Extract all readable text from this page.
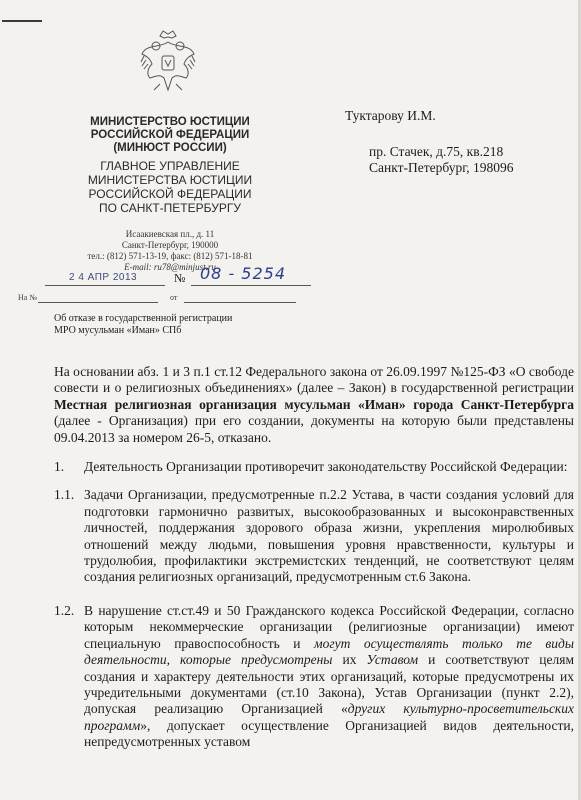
МИНИСТЕРСТВО ЮСТИЦИИ
РОССИЙСКОЙ ФЕДЕРАЦИИ
(МИНЮСТ РОССИИ)
ГЛАВНОЕ УПРАВЛЕНИЕ
МИНИСТЕРСТВА ЮСТИЦИИ
РОССИЙСКОЙ ФЕДЕРАЦИИ
ПО САНКТ-ПЕТЕРБУРГУ
Исаакиевская пл., д. 11
Санкт-Петербург, 190000
тел.: (812) 571-13-19, факс: (812) 571-18-81
E-mail: ru78@minjust.ru
Туктарову И.М.
пр. Стачек, д.75, кв.218
Санкт-Петербург, 198096
2 4 АПР 2013	№ 08 - 5254
На №	от
Об отказе в государственной регистрации
МРО мусульман «Иман» СПб
На основании абз. 1 и 3 п.1 ст.12 Федерального закона от 26.09.1997 №125-ФЗ «О свободе совести и о религиозных объединениях» (далее – Закон) в государственной регистрации Местная религиозная организация мусульман «Иман» города Санкт-Петербурга (далее - Организация) при его создании, документы на которую были представлены 09.04.2013 за номером 26-5, отказано.
1. Деятельность Организации противоречит законодательству Российской Федерации:
1.1. Задачи Организации, предусмотренные п.2.2 Устава, в части создания условий для подготовки гармонично развитых, высокообразованных и высоконравственных личностей, поддержания здорового образа жизни, укрепления миролюбивых отношений между людьми, повышения уровня нравственности, культуры и трудолюбия, профилактики экстремистских тенденций, не соответствуют целям создания религиозных организаций, предусмотренным ст.6 Закона.
1.2. В нарушение ст.ст.49 и 50 Гражданского кодекса Российской Федерации, согласно которым некоммерческие организации (религиозные организации) имеют специальную правоспособность и могут осуществлять только те виды деятельности, которые предусмотрены их Уставом и соответствуют целям создания и характеру деятельности этих организаций, которые предусмотрены их учредительными документами (ст.10 Закона), Устав Организации (пункт 2.2), допуская реализацию Организацией «других культурно-просветительских программ», допускает осуществление Организацией видов деятельности, непредусмотренных уставом
